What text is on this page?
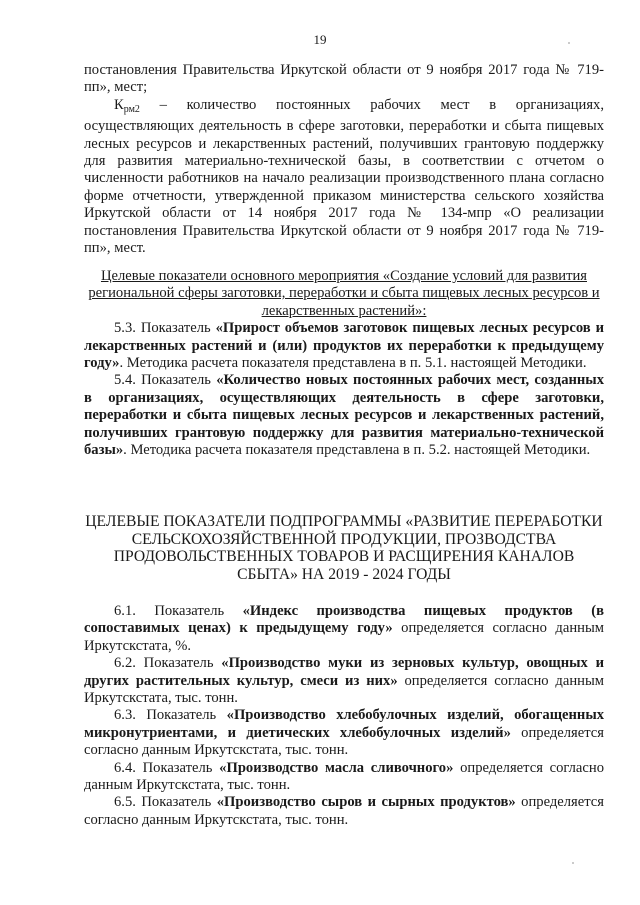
19

постановления Правительства Иркутской области от 9 ноября 2017 года № 719-пп», мест;

$К_{рм2}$ – количество постоянных рабочих мест в организациях, осуществляющих деятельность в сфере заготовки, переработки и сбыта пищевых лесных ресурсов и лекарственных растений, получивших грантовую поддержку для развития материально-технической базы, в соответствии с отчетом о численности работников на начало реализации производственного плана согласно форме отчетности, утвержденной приказом министерства сельского хозяйства Иркутской области от 14 ноября 2017 года № 134-мпр «О реализации постановления Правительства Иркутской области от 9 ноября 2017 года № 719-пп», мест.

Целевые показатели основного мероприятия «Создание условий для развития региональной сферы заготовки, переработки и сбыта пищевых лесных ресурсов и лекарственных растений»:

5.3. Показатель «Прирост объемов заготовок пищевых лесных ресурсов и лекарственных растений и (или) продуктов их переработки к предыдущему году». Методика расчета показателя представлена в п. 5.1. настоящей Методики.

5.4. Показатель «Количество новых постоянных рабочих мест, созданных в организациях, осуществляющих деятельность в сфере заготовки, переработки и сбыта пищевых лесных ресурсов и лекарственных растений, получивших грантовую поддержку для развития материально-технической базы». Методика расчета показателя представлена в п. 5.2. настоящей Методики.

ЦЕЛЕВЫЕ ПОКАЗАТЕЛИ ПОДПРОГРАММЫ «РАЗВИТИЕ ПЕРЕРАБОТКИ СЕЛЬСКОХОЗЯЙСТВЕННОЙ ПРОДУКЦИИ, ПРОЗВОДСТВА ПРОДОВОЛЬСТВЕННЫХ ТОВАРОВ И РАСЩИРЕНИЯ КАНАЛОВ СБЫТА» НА 2019 - 2024 ГОДЫ

6.1. Показатель «Индекс производства пищевых продуктов (в сопоставимых ценах) к предыдущему году» определяется согласно данным Иркутскстата, %.

6.2. Показатель «Производство муки из зерновых культур, овощных и других растительных культур, смеси из них» определяется согласно данным Иркутскстата, тыс. тонн.

6.3. Показатель «Производство хлебобулочных изделий, обогащенных микронутриентами, и диетических хлебобулочных изделий» определяется согласно данным Иркутскстата, тыс. тонн.

6.4. Показатель «Производство масла сливочного» определяется согласно данным Иркутскстата, тыс. тонн.

6.5. Показатель «Производство сыров и сырных продуктов» определяется согласно данным Иркутскстата, тыс. тонн.
